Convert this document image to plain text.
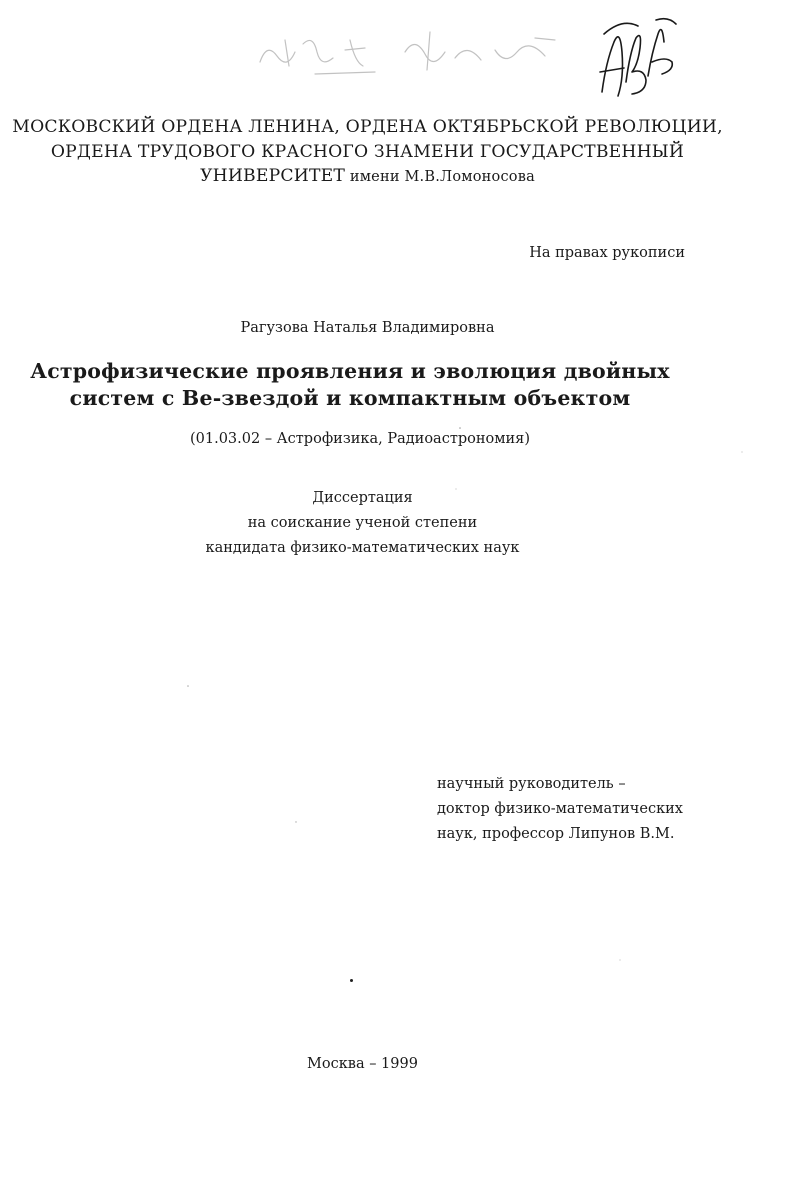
МОСКОВСКИЙ ОРДЕНА ЛЕНИНА, ОРДЕНА ОКТЯБРЬСКОЙ РЕВОЛЮЦИИ,
ОРДЕНА ТРУДОВОГО КРАСНОГО ЗНАМЕНИ ГОСУДАРСТВЕННЫЙ
УНИВЕРСИТЕТ имени М.В.Ломоносова
На правах рукописи
Рагузова Наталья Владимировна
Астрофизические проявления и эволюция двойных
систем с Be-звездой и компактным объектом
(01.03.02 – Астрофизика, Радиоастрономия)
Диссертация
на соискание ученой степени
кандидата физико-математических наук
научный руководитель –
доктор физико-математических
наук, профессор Липунов В.М.
Москва – 1999
